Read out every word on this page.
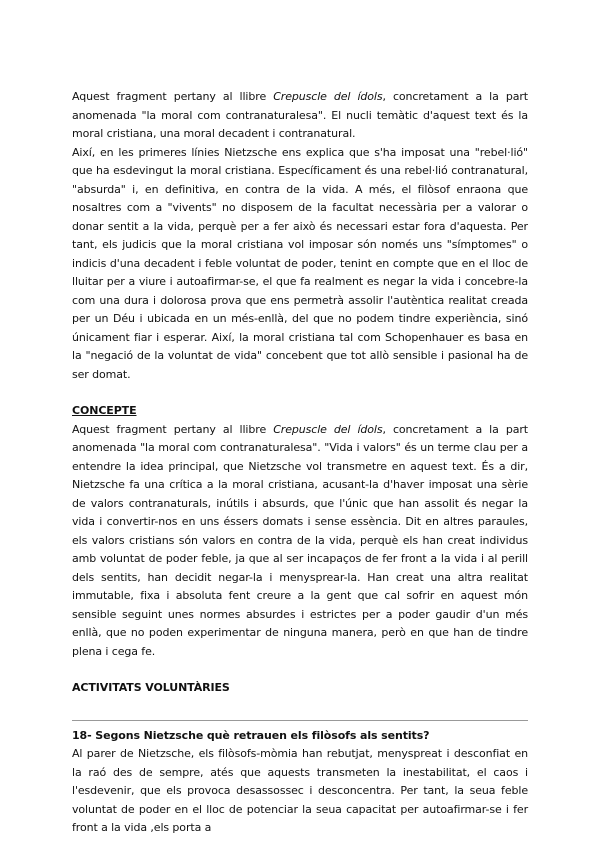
Aquest fragment pertany al llibre Crepuscle del ídols, concretament a la part anomenada "la moral com contranaturalesa". El nucli temàtic d'aquest text és la moral cristiana, una moral decadent i contranatural.

Així, en les primeres línies Nietzsche ens explica que s'ha imposat una "rebel·lió" que ha esdevingut la moral cristiana. Específicament és una rebel·lió contranatural, "absurda" i, en definitiva, en contra de la vida. A més, el filòsof enraona que nosaltres com a "vivents" no disposem de la facultat necessària per a valorar o donar sentit a la vida, perquè per a fer això és necessari estar fora d'aquesta. Per tant, els judicis que la moral cristiana vol imposar són només uns "símptomes" o indicis d'una decadent i feble voluntat de poder, tenint en compte que en el lloc de lluitar per a viure i autoafirmar-se, el que fa realment es negar la vida i concebre-la com una dura i dolorosa prova que ens permetrà assolir l'autèntica realitat creada per un Déu i ubicada en un més-enllà, del que no podem tindre experiència, sinó únicament fiar i esperar. Així, la moral cristiana tal com Schopenhauer es basa en la "negació de la voluntat de vida" concebent que tot allò sensible i pasional ha de ser domat.

CONCEPTE

Aquest fragment pertany al llibre Crepuscle del ídols, concretament a la part anomenada "la moral com contranaturalesa". "Vida i valors" és un terme clau per a entendre la idea principal, que Nietzsche vol transmetre en aquest text. És a dir, Nietzsche fa una crítica a la moral cristiana, acusant-la d'haver imposat una sèrie de valors contranaturals, inútils i absurds, que l'únic que han assolit és negar la vida i convertir-nos en uns éssers domats i sense essència. Dit en altres paraules, els valors cristians són valors en contra de la vida, perquè els han creat individus amb voluntat de poder feble, ja que al ser incapaços de fer front a la vida i al perill dels sentits, han decidit negar-la i menysprear-la. Han creat una altra realitat immutable, fixa i absoluta fent creure a la gent que cal sofrir en aquest món sensible seguint unes normes absurdes i estrictes per a poder gaudir d'un més enllà, que no poden experimentar de ninguna manera, però en que han de tindre plena i cega fe.

ACTIVITATS VOLUNTÀRIES

18- Segons Nietzsche què retrauen els filòsofs als sentits?

Al parer de Nietzsche, els filòsofs-mòmia han rebutjat, menyspreat i desconfiat en la raó des de sempre, atés que aquests transmeten la inestabilitat, el caos i l'esdevenir, que els provoca desassossec i desconcentra. Per tant, la seua feble voluntat de poder en el lloc de potenciar la seua capacitat per autoafirmar-se i fer front a la vida ,els porta a
